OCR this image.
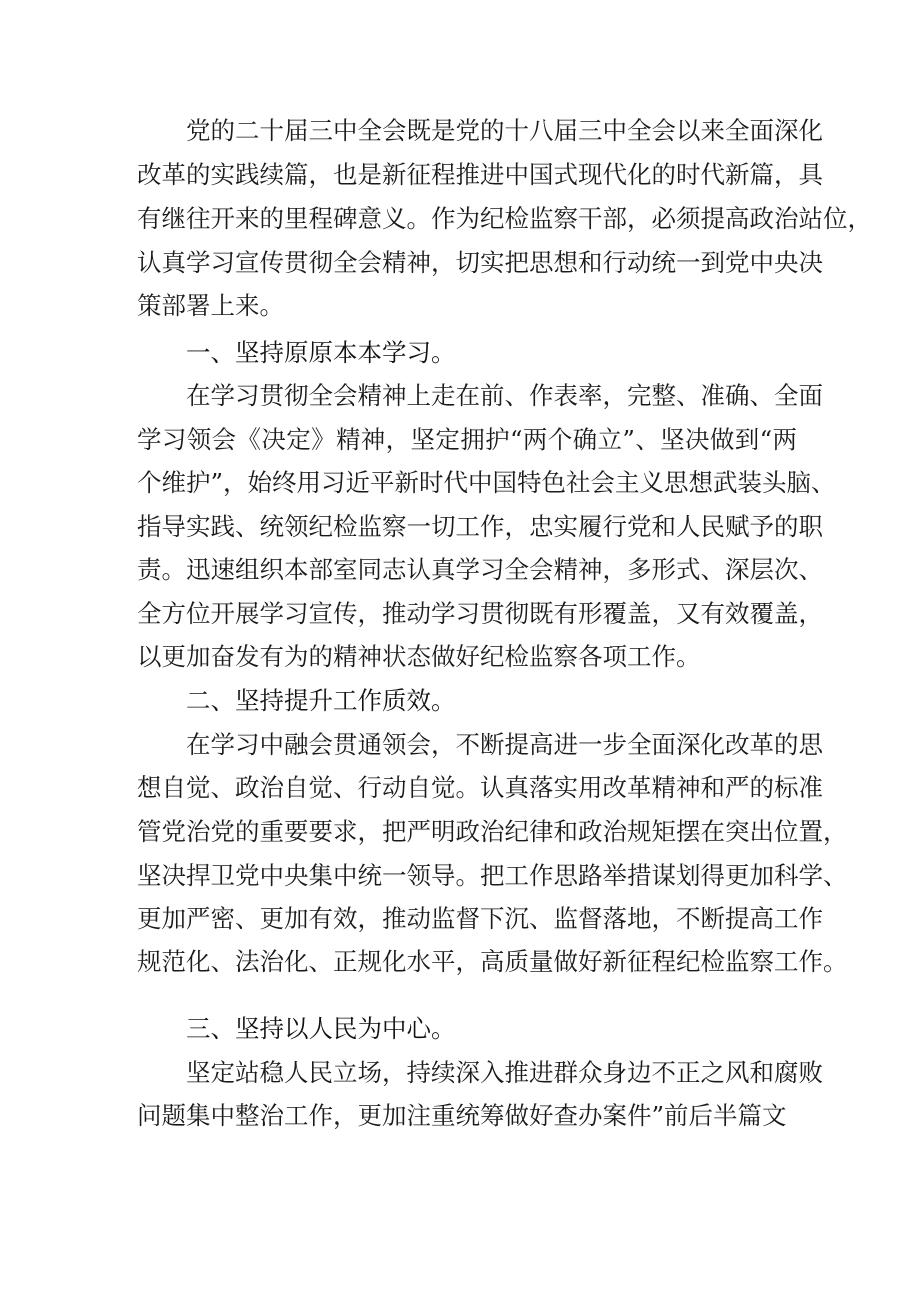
党的二十届三中全会既是党的十八届三中全会以来全面深化
改革的实践续篇，也是新征程推进中国式现代化的时代新篇，具
有继往开来的里程碑意义。作为纪检监察干部，必须提高政治站位，
认真学习宣传贯彻全会精神，切实把思想和行动统一到党中央决
策部署上来。
一、坚持原原本本学习。
在学习贯彻全会精神上走在前、作表率，完整、准确、全面
学习领会《决定》精神，坚定拥护“两个确立”、坚决做到“两
个维护”，始终用习近平新时代中国特色社会主义思想武装头脑、
指导实践、统领纪检监察一切工作，忠实履行党和人民赋予的职
责。迅速组织本部室同志认真学习全会精神，多形式、深层次、
全方位开展学习宣传，推动学习贯彻既有形覆盖，又有效覆盖，
以更加奋发有为的精神状态做好纪检监察各项工作。
二、坚持提升工作质效。
在学习中融会贯通领会，不断提高进一步全面深化改革的思
想自觉、政治自觉、行动自觉。认真落实用改革精神和严的标准
管党治党的重要要求，把严明政治纪律和政治规矩摆在突出位置，
坚决捍卫党中央集中统一领导。把工作思路举措谋划得更加科学、
更加严密、更加有效，推动监督下沉、监督落地，不断提高工作
规范化、法治化、正规化水平，高质量做好新征程纪检监察工作。
三、坚持以人民为中心。
坚定站稳人民立场，持续深入推进群众身边不正之风和腐败
问题集中整治工作，更加注重统筹做好查办案件”前后半篇文
